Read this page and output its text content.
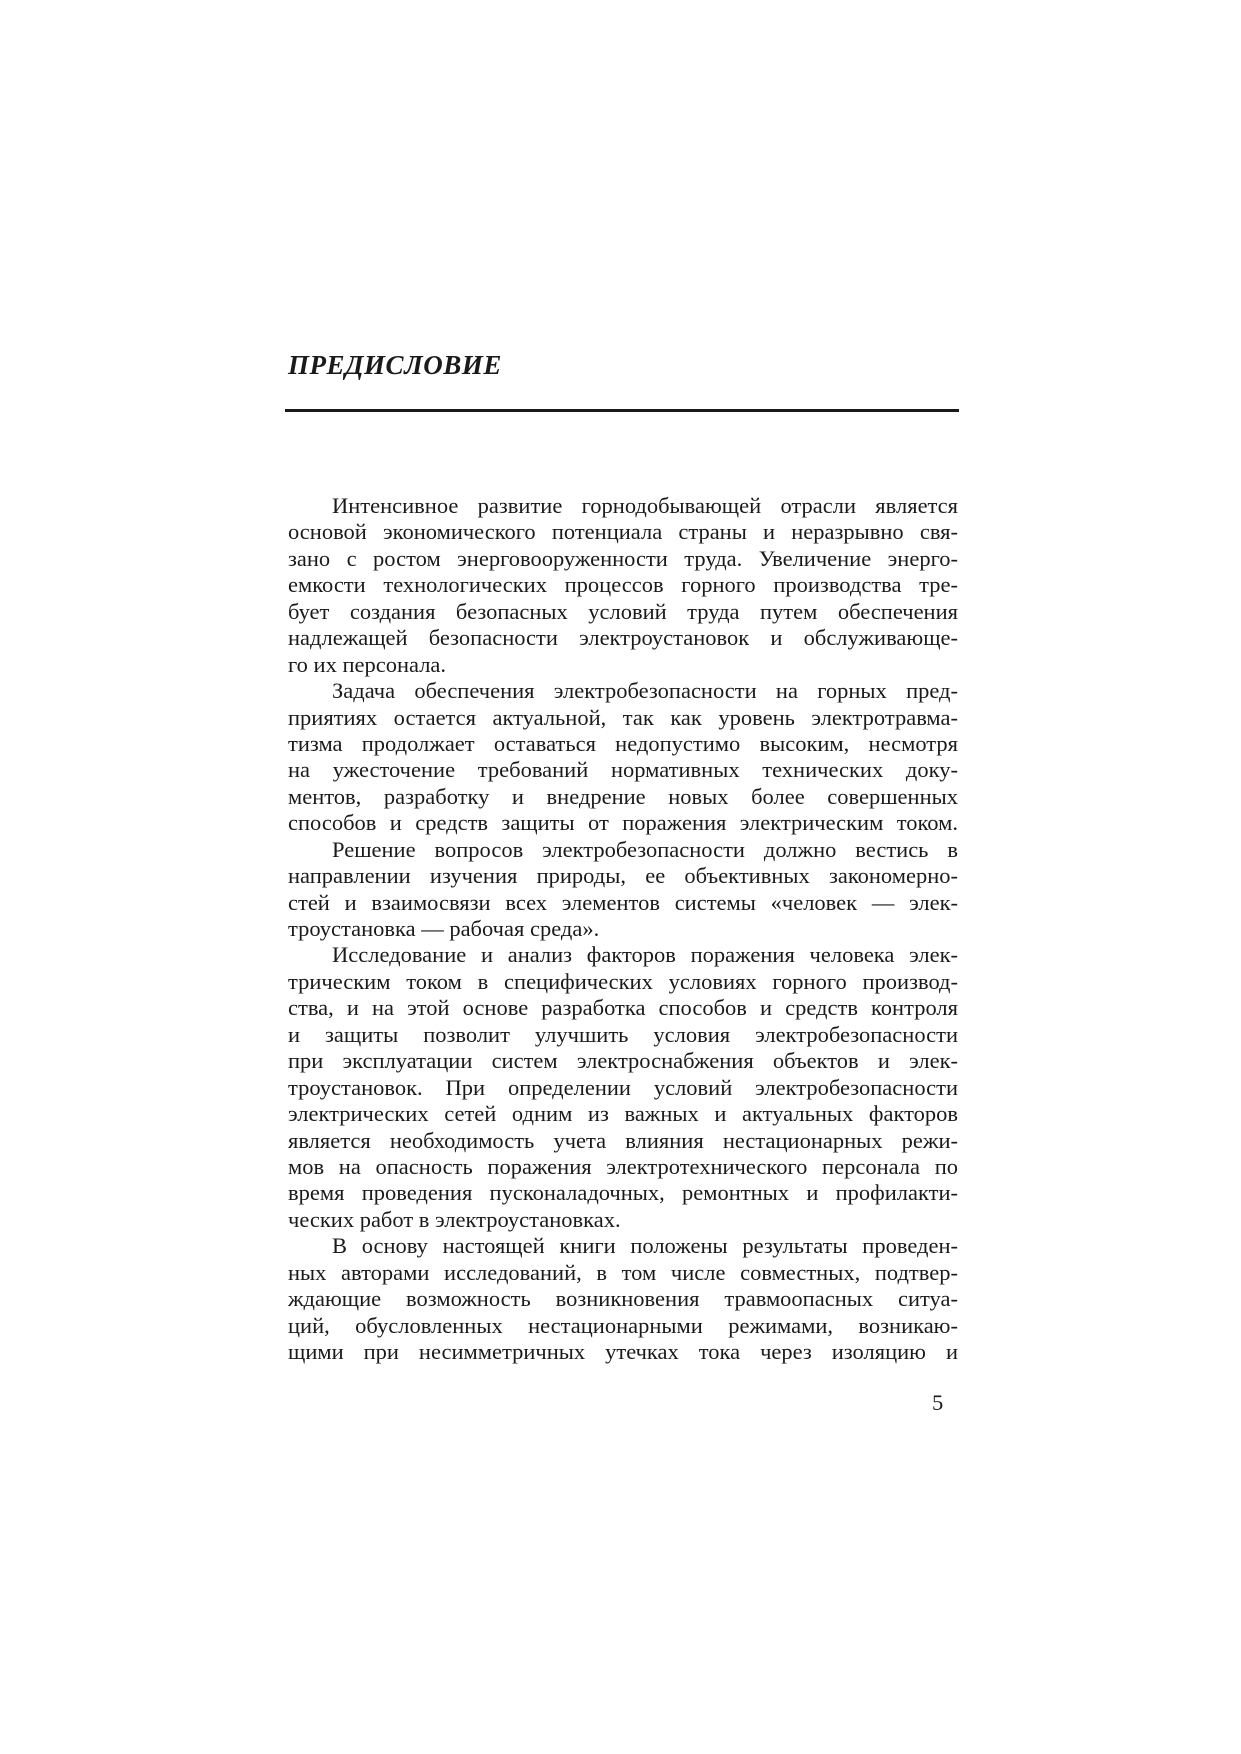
ПРЕДИСЛОВИЕ
Интенсивное развитие горнодобывающей отрасли является
основой экономического потенциала страны и неразрывно свя-
зано с ростом энерговооруженности труда. Увеличение энерго-
емкости технологических процессов горного производства тре-
бует создания безопасных условий труда путем обеспечения
надлежащей безопасности электроустановок и обслуживающе-
го их персонала.
Задача обеспечения электробезопасности на горных пред-
приятиях остается актуальной, так как уровень электротравма-
тизма продолжает оставаться недопустимо высоким, несмотря
на ужесточение требований нормативных технических доку-
ментов, разработку и внедрение новых более совершенных
способов и средств защиты от поражения электрическим током.
Решение вопросов электробезопасности должно вестись в
направлении изучения природы, ее объективных закономерно-
стей и взаимосвязи всех элементов системы «человек — элек-
троустановка — рабочая среда».
Исследование и анализ факторов поражения человека элек-
трическим током в специфических условиях горного производ-
ства, и на этой основе разработка способов и средств контроля
и защиты позволит улучшить условия электробезопасности
при эксплуатации систем электроснабжения объектов и элек-
троустановок. При определении условий электробезопасности
электрических сетей одним из важных и актуальных факторов
является необходимость учета влияния нестационарных режи-
мов на опасность поражения электротехнического персонала по
время проведения пусконаладочных, ремонтных и профилакти-
ческих работ в электроустановках.
В основу настоящей книги положены результаты проведен-
ных авторами исследований, в том числе совместных, подтвер-
ждающие возможность возникновения травмоопасных ситуа-
ций, обусловленных нестационарными режимами, возникаю-
щими при несимметричных утечках тока через изоляцию и
5
